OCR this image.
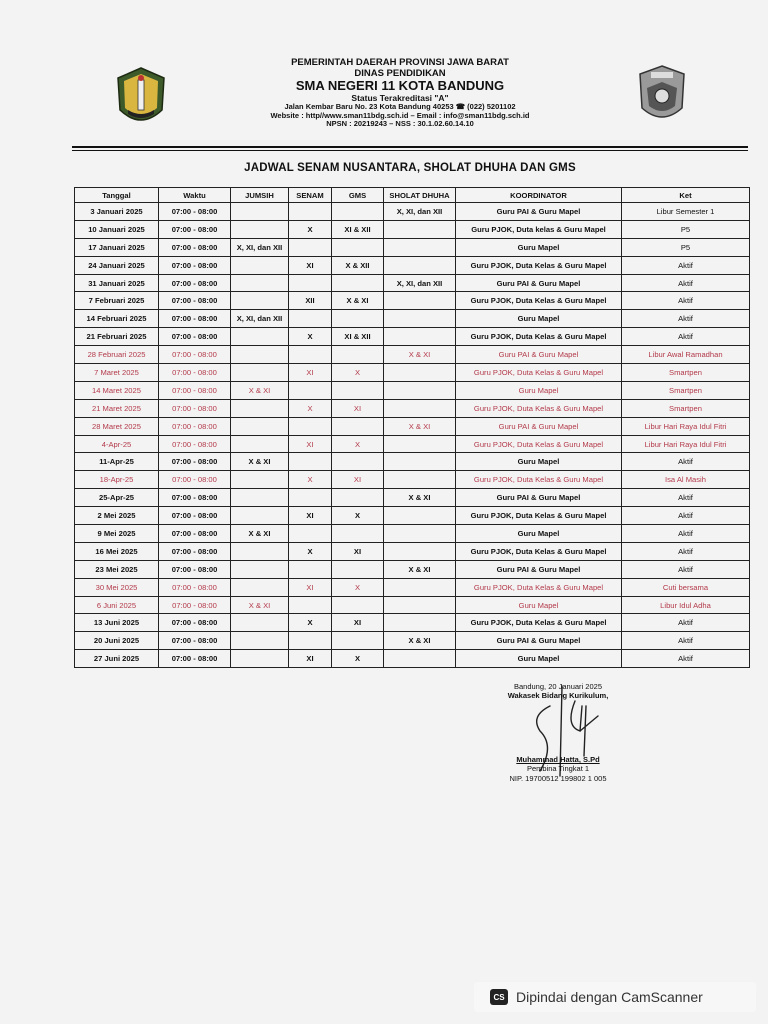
PEMERINTAH DAERAH PROVINSI JAWA BARAT
DINAS PENDIDIKAN
SMA NEGERI 11 KOTA BANDUNG
Status Terakreditasi "A"
Jalan Kembar Baru No. 23 Kota Bandung 40253 ☎ (022) 5201102
Website : http//www.sman11bdg.sch.id – Email : info@sman11bdg.sch.id
NPSN : 20219243 – NSS : 30.1.02.60.14.10
JADWAL SENAM NUSANTARA, SHOLAT DHUHA DAN GMS
Tanggal	Waktu	JUMSIH	SENAM	GMS	SHOLAT DHUHA	KOORDINATOR	Ket
3 Januari 2025	07:00 - 08:00				X, XI, dan XII	Guru PAI & Guru Mapel	Libur Semester 1
10 Januari 2025	07:00 - 08:00		X	XI & XII		Guru PJOK, Duta kelas & Guru Mapel	P5
17 Januari 2025	07:00 - 08:00	X, XI, dan XII				Guru Mapel	P5
24 Januari 2025	07:00 - 08:00		XI	X & XII		Guru PJOK, Duta Kelas & Guru Mapel	Aktif
31 Januari 2025	07:00 - 08:00				X, XI, dan XII	Guru PAI & Guru Mapel	Aktif
7 Februari 2025	07:00 - 08:00		XII	X & XI		Guru PJOK, Duta Kelas & Guru Mapel	Aktif
14 Februari 2025	07:00 - 08:00	X, XI, dan XII				Guru Mapel	Aktif
21 Februari 2025	07:00 - 08:00		X	XI & XII		Guru PJOK, Duta Kelas & Guru Mapel	Aktif
28 Februari 2025	07:00 - 08:00				X & XI	Guru PAI & Guru Mapel	Libur Awal Ramadhan
7 Maret 2025	07:00 - 08:00		XI	X		Guru PJOK, Duta Kelas & Guru Mapel	Smartpen
14 Maret 2025	07:00 - 08:00	X & XI				Guru Mapel	Smartpen
21 Maret 2025	07:00 - 08:00		X	XI		Guru PJOK, Duta Kelas & Guru Mapel	Smartpen
28 Maret 2025	07:00 - 08:00				X & XI	Guru PAI & Guru Mapel	Libur Hari Raya Idul Fitri
4-Apr-25	07:00 - 08:00		XI	X		Guru PJOK, Duta Kelas & Guru Mapel	Libur Hari Raya Idul Fitri
11-Apr-25	07:00 - 08:00	X & XI				Guru Mapel	Aktif
18-Apr-25	07:00 - 08:00		X	XI		Guru PJOK, Duta Kelas & Guru Mapel	Isa Al Masih
25-Apr-25	07:00 - 08:00				X & XI	Guru PAI & Guru Mapel	Aktif
2 Mei 2025	07:00 - 08:00		XI	X		Guru PJOK, Duta Kelas & Guru Mapel	Aktif
9 Mei 2025	07:00 - 08:00	X & XI				Guru Mapel	Aktif
16 Mei 2025	07:00 - 08:00		X	XI		Guru PJOK, Duta Kelas & Guru Mapel	Aktif
23 Mei 2025	07:00 - 08:00				X & XI	Guru PAI & Guru Mapel	Aktif
30 Mei 2025	07:00 - 08:00		XI	X		Guru PJOK, Duta Kelas & Guru Mapel	Cuti bersama
6 Juni 2025	07:00 - 08:00	X & XI				Guru Mapel	Libur Idul Adha
13 Juni 2025	07:00 - 08:00		X	XI		Guru PJOK, Duta Kelas & Guru Mapel	Aktif
20 Juni 2025	07:00 - 08:00				X & XI	Guru PAI & Guru Mapel	Aktif
27 Juni 2025	07:00 - 08:00		XI	X		Guru Mapel	Aktif
Bandung, 20 Januari 2025
Wakasek Bidang Kurikulum,
Muhammad Hatta, S.Pd
Pembina Tingkat 1
NIP. 19700512 199802 1 005
CS Dipindai dengan CamScanner
